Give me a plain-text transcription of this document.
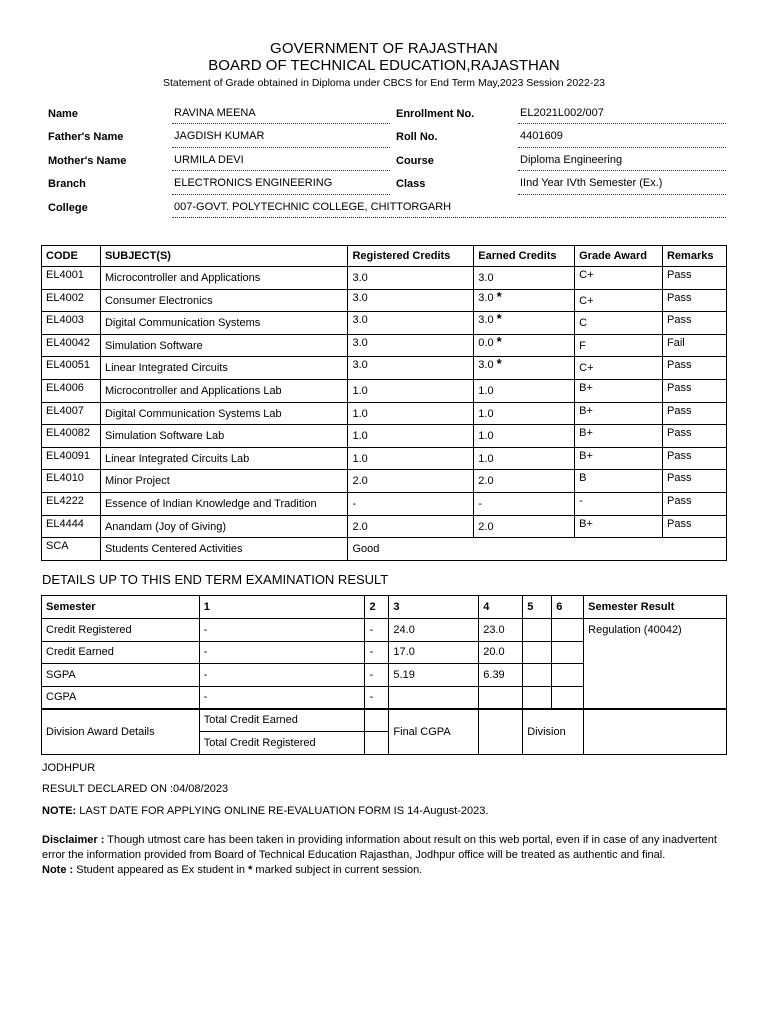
GOVERNMENT OF RAJASTHAN
BOARD OF TECHNICAL EDUCATION,RAJASTHAN
Statement of Grade obtained in Diploma under CBCS for End Term May,2023 Session 2022-23
Name	RAVINA MEENA	Enrollment No.	EL2021L002/007
Father's Name	JAGDISH KUMAR	Roll No.	4401609
Mother's Name	URMILA DEVI	Course	Diploma Engineering
Branch	ELECTRONICS ENGINEERING	Class	IInd Year IVth Semester (Ex.)
College	007-GOVT. POLYTECHNIC COLLEGE, CHITTORGARH
CODE	SUBJECT(S)	Registered Credits	Earned Credits	Grade Award	Remarks
EL4001	Microcontroller and Applications	3.0	3.0	C+	Pass
EL4002	Consumer Electronics	3.0	3.0 *	C+	Pass
EL4003	Digital Communication Systems	3.0	3.0 *	C	Pass
EL40042	Simulation Software	3.0	0.0 *	F	Fail
EL40051	Linear Integrated Circuits	3.0	3.0 *	C+	Pass
EL4006	Microcontroller and Applications Lab	1.0	1.0	B+	Pass
EL4007	Digital Communication Systems Lab	1.0	1.0	B+	Pass
EL40082	Simulation Software Lab	1.0	1.0	B+	Pass
EL40091	Linear Integrated Circuits Lab	1.0	1.0	B+	Pass
EL4010	Minor Project	2.0	2.0	B	Pass
EL4222	Essence of Indian Knowledge and Tradition	-	-	-	Pass
EL4444	Anandam (Joy of Giving)	2.0	2.0	B+	Pass
SCA	Students Centered Activities	Good			
DETAILS UP TO THIS END TERM EXAMINATION RESULT
Semester	1	2	3	4	5	6	Semester Result
Credit Registered	-	-	24.0	23.0			Regulation (40042)
Credit Earned	-	-	17.0	20.0			
SGPA	-	-	5.19	6.39			
CGPA	-	-					
Division Award Details	Total Credit Earned		Final CGPA		Division		
	Total Credit Registered						
JODHPUR
RESULT DECLARED ON :04/08/2023
NOTE: LAST DATE FOR APPLYING ONLINE RE-EVALUATION FORM IS 14-August-2023.
Disclaimer : Though utmost care has been taken in providing information about result on this web portal, even if in case of any inadvertent error the information provided from Board of Technical Education Rajasthan, Jodhpur office will be treated as authentic and final.
Note : Student appeared as Ex student in * marked subject in current session.
